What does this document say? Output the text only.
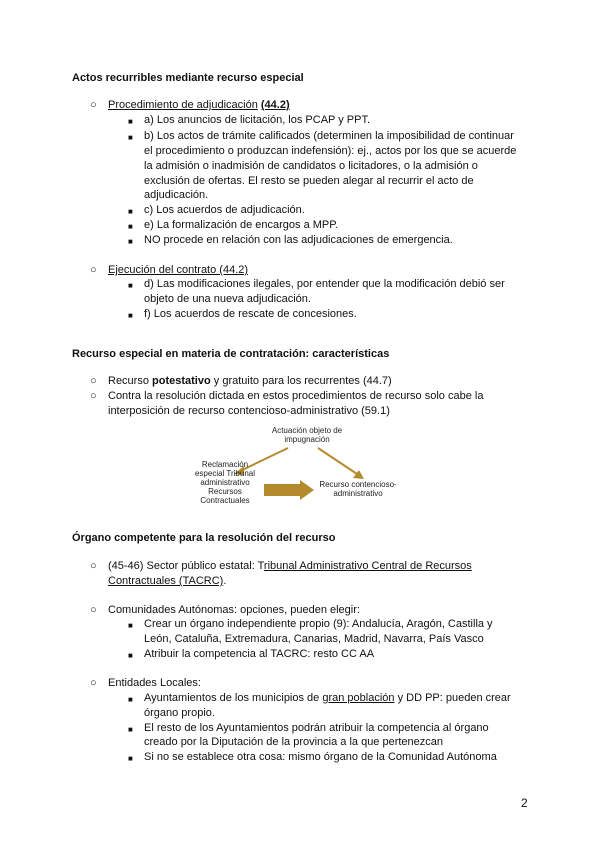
Actos recurribles mediante recurso especial
○ Procedimiento de adjudicación (44.2)
■ a) Los anuncios de licitación, los PCAP y PPT.
■ b) Los actos de trámite calificados (determinen la imposibilidad de continuar
el procedimiento o produzcan indefensión): ej., actos por los que se acuerde
la admisión o inadmisión de candidatos o licitadores, o la admisión o
exclusión de ofertas. El resto se pueden alegar al recurrir el acto de
adjudicación.
■ c) Los acuerdos de adjudicación.
■ e) La formalización de encargos a MPP.
■ NO procede en relación con las adjudicaciones de emergencia.
○ Ejecución del contrato (44.2)
■ d) Las modificaciones ilegales, por entender que la modificación debió ser
objeto de una nueva adjudicación.
■ f) Los acuerdos de rescate de concesiones.
Recurso especial en materia de contratación: características
○ Recurso potestativo y gratuito para los recurrentes (44.7)
○ Contra la resolución dictada en estos procedimientos de recurso solo cabe la
interposición de recurso contencioso-administrativo (59.1)
Actuación objeto de
impugnación
Reclamación
especial Tribunal
administrativo
Recursos
Contractuales
Recurso contencioso-
administrativo
Órgano competente para la resolución del recurso
○ (45-46) Sector público estatal: Tribunal Administrativo Central de Recursos
Contractuales (TACRC).
○ Comunidades Autónomas: opciones, pueden elegir:
■ Crear un órgano independiente propio (9): Andalucía, Aragón, Castilla y
León, Cataluña, Extremadura, Canarias, Madrid, Navarra, País Vasco
■ Atribuir la competencia al TACRC: resto CC AA
○ Entidades Locales:
■ Ayuntamientos de los municipios de gran población y DD PP: pueden crear
órgano propio.
■ El resto de los Ayuntamientos podrán atribuir la competencia al órgano
creado por la Diputación de la provincia a la que pertenezcan
■ Si no se establece otra cosa: mismo órgano de la Comunidad Autónoma
2
